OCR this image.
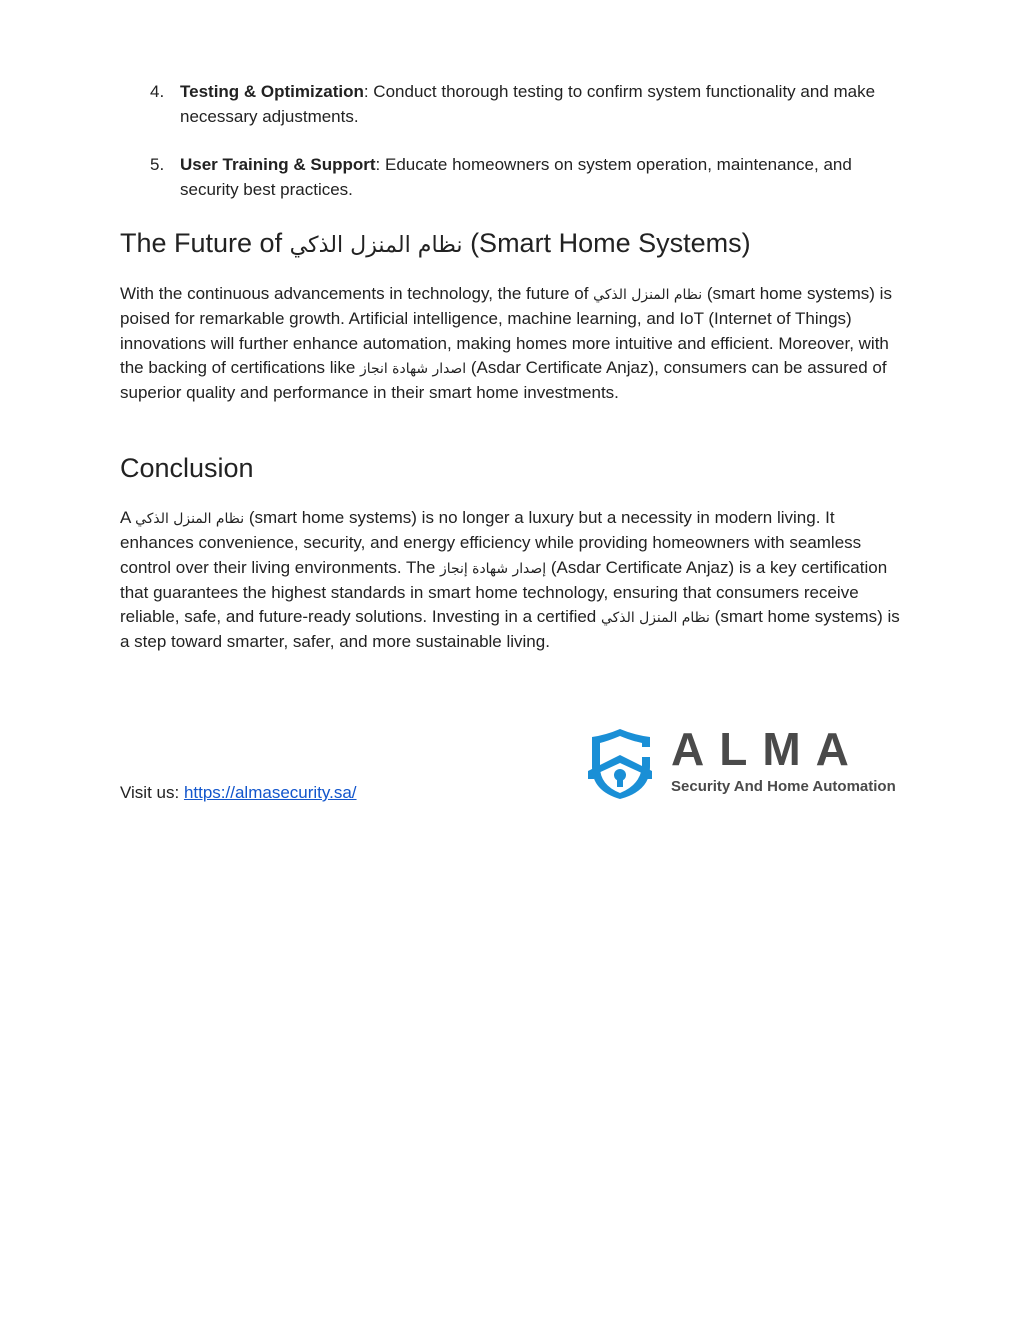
4. Testing & Optimization: Conduct thorough testing to confirm system functionality and make necessary adjustments.
5. User Training & Support: Educate homeowners on system operation, maintenance, and security best practices.
The Future of نظام المنزل الذكي (Smart Home Systems)

With the continuous advancements in technology, the future of نظام المنزل الذكي (smart home systems) is poised for remarkable growth. Artificial intelligence, machine learning, and IoT (Internet of Things) innovations will further enhance automation, making homes more intuitive and efficient. Moreover, with the backing of certifications like اصدار شهادة انجاز (Asdar Certificate Anjaz), consumers can be assured of superior quality and performance in their smart home investments.

Conclusion

A نظام المنزل الذكي (smart home systems) is no longer a luxury but a necessity in modern living. It enhances convenience, security, and energy efficiency while providing homeowners with seamless control over their living environments. The إصدار شهادة إنجاز (Asdar Certificate Anjaz) is a key certification that guarantees the highest standards in smart home technology, ensuring that consumers receive reliable, safe, and future-ready solutions. Investing in a certified نظام المنزل الذكي (smart home systems) is a step toward smarter, safer, and more sustainable living.

Visit us: https://almasecurity.sa/
ALMA
Security And Home Automation
